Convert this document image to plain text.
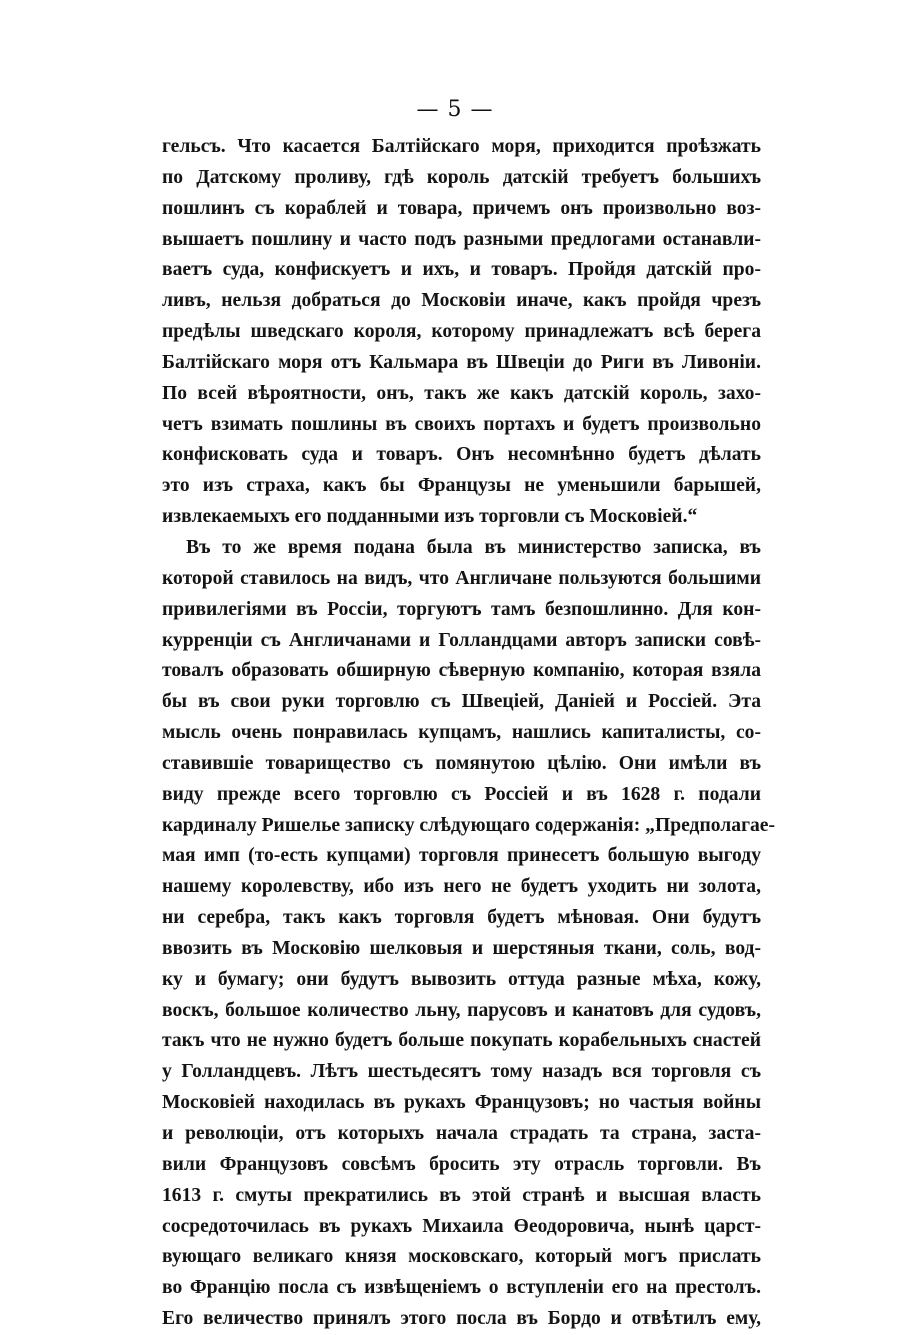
— 5 —
гельсъ. Что касается Балтійскаго моря, приходится проѣзжать
по Датскому проливу, гдѣ король датскій требуетъ большихъ
пошлинъ съ кораблей и товара, причемъ онъ произвольно воз-
вышаетъ пошлину и часто подъ разными предлогами останавли-
ваетъ суда, конфискуетъ и ихъ, и товаръ. Пройдя датскій про-
ливъ, нельзя добраться до Московіи иначе, какъ пройдя чрезъ
предѣлы шведскаго короля, которому принадлежатъ всѣ берега
Балтійскаго моря отъ Кальмара въ Швеціи до Риги въ Ливоніи.
По всей вѣроятности, онъ, такъ же какъ датскій король, захо-
четъ взимать пошлины въ своихъ портахъ и будетъ произвольно
конфисковать суда и товаръ. Онъ несомнѣнно будетъ дѣлать
это изъ страха, какъ бы Французы не уменьшили барышей,
извлекаемыхъ его подданными изъ торговли съ Московіей.“
Въ то же время подана была въ министерство записка, въ
которой ставилось на видъ, что Англичане пользуются большими
привилегіями въ Россіи, торгуютъ тамъ безпошлинно. Для кон-
курренціи съ Англичанами и Голландцами авторъ записки совѣ-
товалъ образовать обширную сѣверную компанію, которая взяла
бы въ свои руки торговлю съ Швеціей, Даніей и Россіей. Эта
мысль очень понравилась купцамъ, нашлись капиталисты, со-
ставившіе товарищество съ помянутою цѣлію. Они имѣли въ
виду прежде всего торговлю съ Россіей и въ 1628 г. подали
кардиналу Ришелье записку слѣдующаго содержанія: „Предполагае-
мая имп (то-есть купцами) торговля принесетъ большую выгоду
нашему королевству, ибо изъ него не будетъ уходить ни золота,
ни серебра, такъ какъ торговля будетъ мѣновая. Они будутъ
ввозить въ Московію шелковыя и шерстяныя ткани, соль, вод-
ку и бумагу; они будутъ вывозить оттуда разные мѣха, кожу,
воскъ, большое количество льну, парусовъ и канатовъ для судовъ,
такъ что не нужно будетъ больше покупать корабельныхъ снастей
у Голландцевъ. Лѣтъ шестьдесятъ тому назадъ вся торговля съ
Московіей находилась въ рукахъ Французовъ; но частыя войны
и революціи, отъ которыхъ начала страдать та страна, заста-
вили Французовъ совсѣмъ бросить эту отрасль торговли. Въ
1613 г. смуты прекратились въ этой странѣ и высшая власть
сосредоточилась въ рукахъ Михаила Өеодоровича, нынѣ царст-
вующаго великаго князя московскаго, который могъ прислать
во Францію посла съ извѣщеніемъ о вступленіи его на престолъ.
Его величество принялъ этого посла въ Бордо и отвѣтилъ ему,
